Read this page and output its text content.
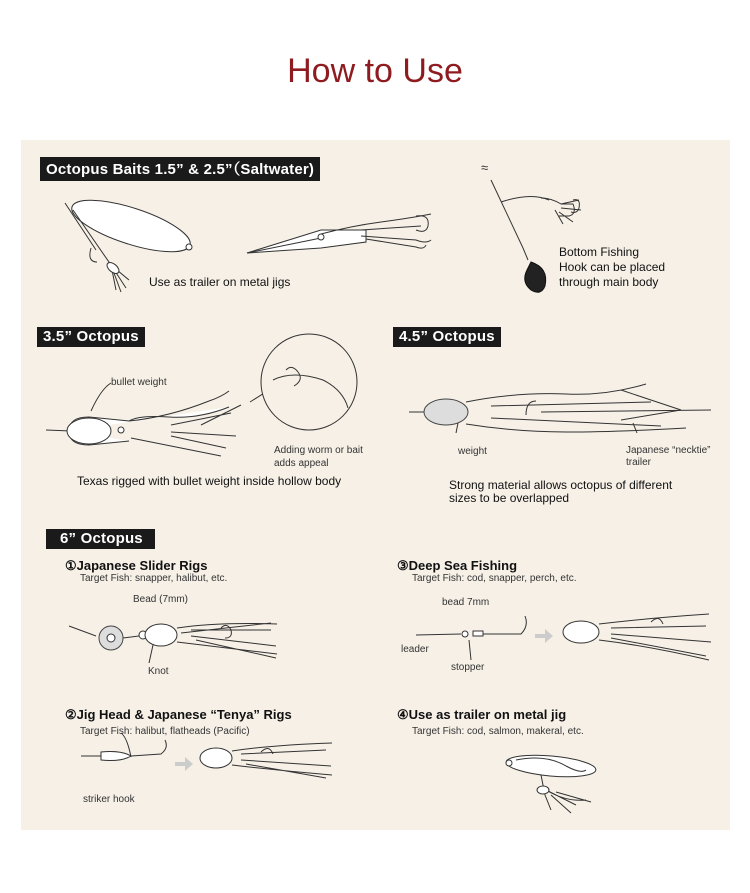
How to Use
Octopus Baits 1.5” & 2.5”（Saltwater)	≈
Use as trailer on metal jigs
Bottom Fishing
Hook can be placed
through main body
3.5” Octopus
bullet weight
Adding worm or bait
adds appeal
Texas rigged with bullet weight inside hollow body
4.5” Octopus
weight	Japanese “necktie”
trailer
Strong material allows octopus of different
sizes to be overlapped
6” Octopus
①Japanese Slider Rigs
Target Fish: snapper, halibut, etc.
Bead (7mm)
Knot
③Deep Sea Fishing
Target Fish: cod, snapper, perch, etc.
bead 7mm
leader
stopper
②Jig Head & Japanese “Tenya” Rigs
Target Fish: halibut, flatheads (Pacific)
striker hook
④Use as trailer on metal jig
Target Fish: cod, salmon, makeral, etc.
